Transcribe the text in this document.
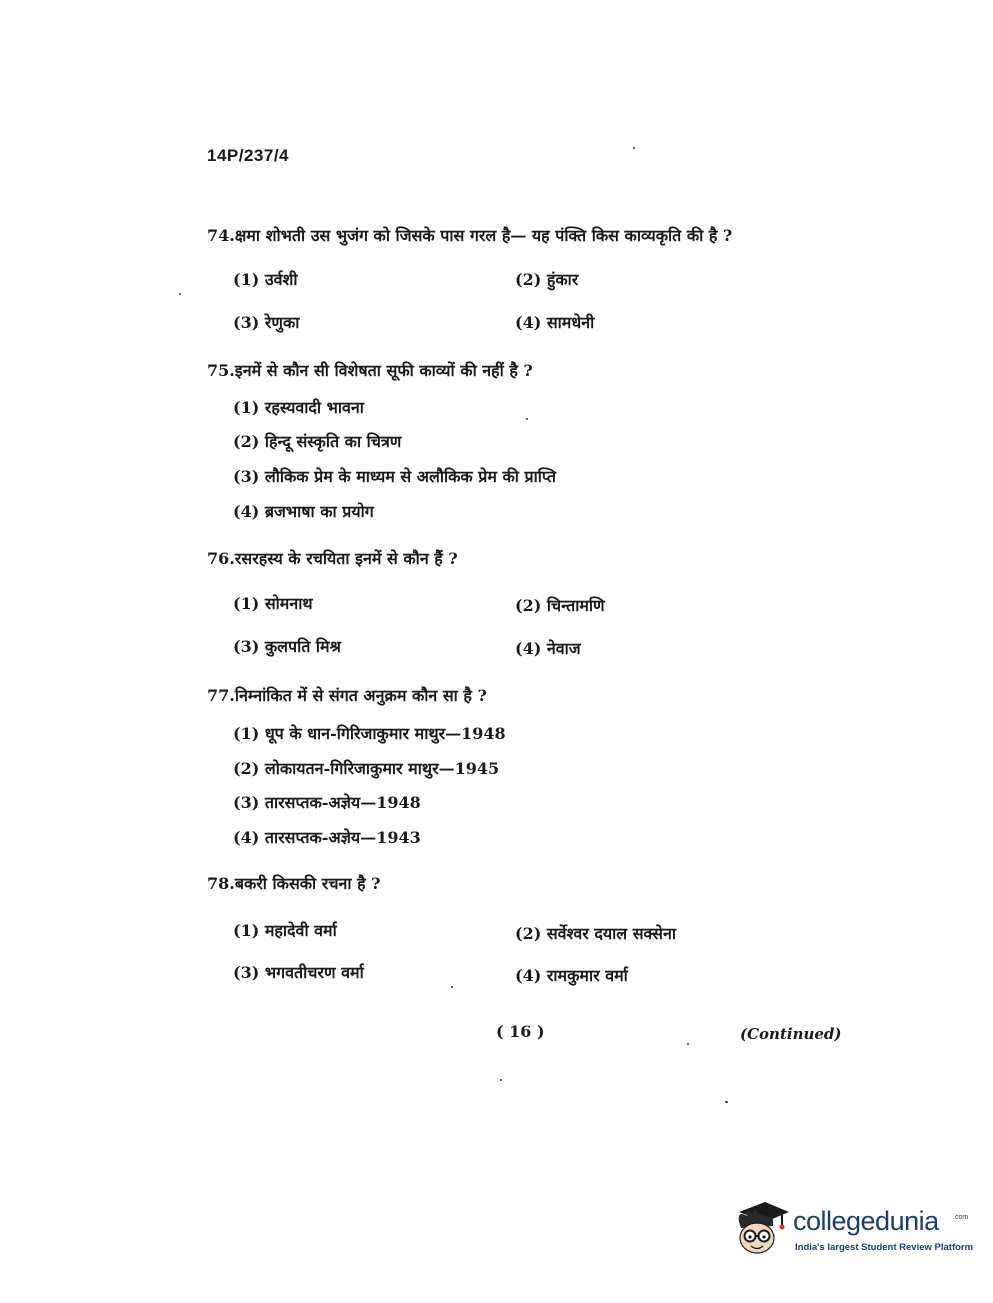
14P/237/4
74.क्षमा शोभती उस भुजंग को जिसके पास गरल है— यह पंक्ति किस काव्यकृति की है ?
(1) उर्वशी	(2) हुंकार
(3) रेणुका	(4) सामधेनी
75.इनमें से कौन सी विशेषता सूफी काव्यों की नहीं है ?
(1) रहस्यवादी भावना
(2) हिन्दू संस्कृति का चित्रण
(3) लौकिक प्रेम के माध्यम से अलौकिक प्रेम की प्राप्ति
(4) ब्रजभाषा का प्रयोग
76.रसरहस्य के रचयिता इनमें से कौन हैं ?
(1) सोमनाथ	(2) चिन्तामणि
(3) कुलपति मिश्र	(4) नेवाज
77.निम्नांकित में से संगत अनुक्रम कौन सा है ?
(1) धूप के धान-गिरिजाकुमार माथुर—1948
(2) लोकायतन-गिरिजाकुमार माथुर—1945
(3) तारसप्तक-अज्ञेय—1948
(4) तारसप्तक-अज्ञेय—1943
78.बकरी किसकी रचना है ?
(1) महादेवी वर्मा	(2) सर्वेश्वर दयाल सक्सेना
(3) भगवतीचरण वर्मा	(4) रामकुमार वर्मा
( 16 )	(Continued)
collegedunia .com
India's largest Student Review Platform
